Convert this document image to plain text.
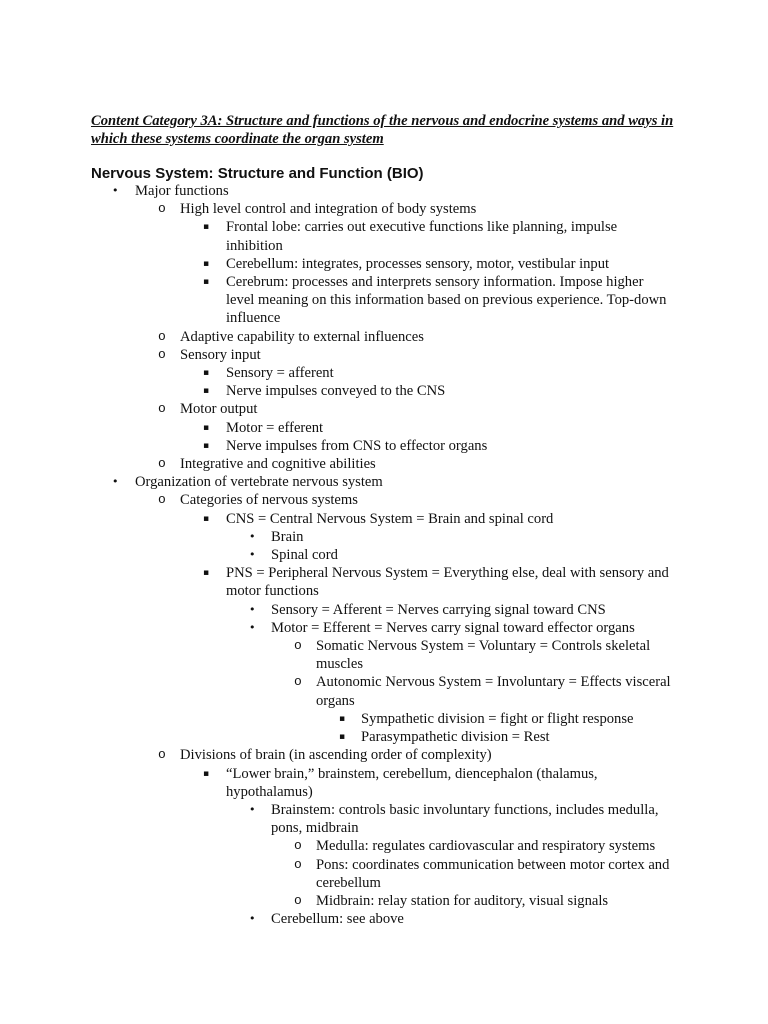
Content Category 3A: Structure and functions of the nervous and endocrine systems and ways in which these systems coordinate the organ system

Nervous System: Structure and Function (BIO)
• Major functions
o High level control and integration of body systems
▪ Frontal lobe: carries out executive functions like planning, impulse inhibition
▪ Cerebellum: integrates, processes sensory, motor, vestibular input
▪ Cerebrum: processes and interprets sensory information. Impose higher level meaning on this information based on previous experience. Top-down influence
o Adaptive capability to external influences
o Sensory input
▪ Sensory = afferent
▪ Nerve impulses conveyed to the CNS
o Motor output
▪ Motor = efferent
▪ Nerve impulses from CNS to effector organs
o Integrative and cognitive abilities
• Organization of vertebrate nervous system
o Categories of nervous systems
▪ CNS = Central Nervous System = Brain and spinal cord
• Brain
• Spinal cord
▪ PNS = Peripheral Nervous System = Everything else, deal with sensory and motor functions
• Sensory = Afferent = Nerves carrying signal toward CNS
• Motor = Efferent = Nerves carry signal toward effector organs
o Somatic Nervous System = Voluntary = Controls skeletal muscles
o Autonomic Nervous System = Involuntary = Effects visceral organs
▪ Sympathetic division = fight or flight response
▪ Parasympathetic division = Rest
o Divisions of brain (in ascending order of complexity)
▪ “Lower brain,” brainstem, cerebellum, diencephalon (thalamus, hypothalamus)
• Brainstem: controls basic involuntary functions, includes medulla, pons, midbrain
o Medulla: regulates cardiovascular and respiratory systems
o Pons: coordinates communication between motor cortex and cerebellum
o Midbrain: relay station for auditory, visual signals
• Cerebellum: see above
